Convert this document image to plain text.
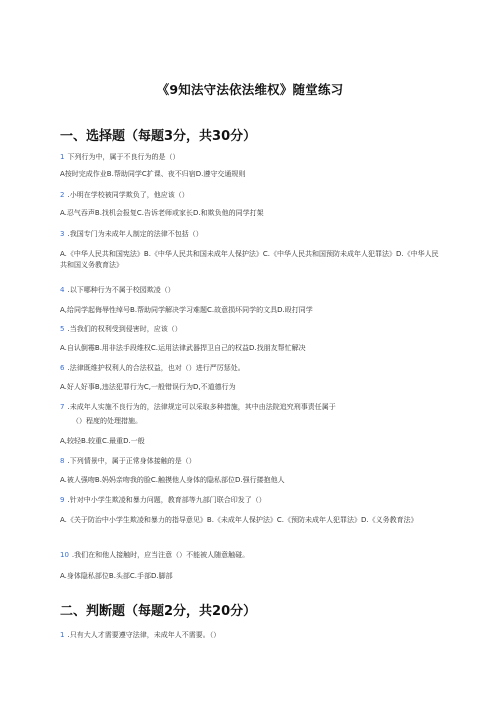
《9知法守法依法维权》随堂练习
一、选择题（每题3分，共30分）
1 下列行为中，属于不良行为的是（）
A按时完成作业B.帮助同学C扩课、夜不归宿D.遵守交通规则
2 .小明在学校被同学欺负了，他应该（）
A.忍气吞声B.找机会报复C.告诉老师或家长D.和欺负他的同学打架
3 .我国专门为未成年人制定的法律不包括（）
A.《中华人民共和国宪法》B.《中华人民共和国未成年人保护法》C.《中华人民共和国预防未成年人犯罪法》D.《中华人民共和国义务教育法》
4 .以下哪种行为不属于校园欺凌（）
A,给同学起侮辱性绰号B.帮助同学解决学习难题C.故意损坏同学的文具D.殴打同学
5 .当我们的权利受到侵害时，应该（）
A.自认倒霉B.用非法手段维权C.运用法律武器捍卫自己的权益D.找朋友帮忙解决
6 .法律既维护权利人的合法权益，也对（）进行严厉惩处。
A.好人好事B,违法犯罪行为C,一般错误行为D,不道德行为
7 .未成年人实施不良行为的，法律规定可以采取多种措施，其中由法院追究刑事责任属于
（）程度的处理措施。
A,较轻B.较重C.最重D.一般
8 .下列情景中，属于正常身体接触的是（）
A.被人强吻B.妈妈亲吻我的脸C.触摸他人身体的隐私部位D.强行搂抱他人
9 .针对中小学生欺凌和暴力问题，教育部等九部门联合印发了（）
A.《关于防治中小学生欺凌和暴力的指导意见》B.《未成年人保护法》C.《预防未成年人犯罪法》D.《义务教育法》
10 .我们在和他人接触时，应当注意（）不能被人随意触碰。
A.身体隐私部位B.头部C.手部D.脚部
二、判断题（每题2分，共20分）
1 .只有大人才需要遵守法律，未成年人不需要。（）
